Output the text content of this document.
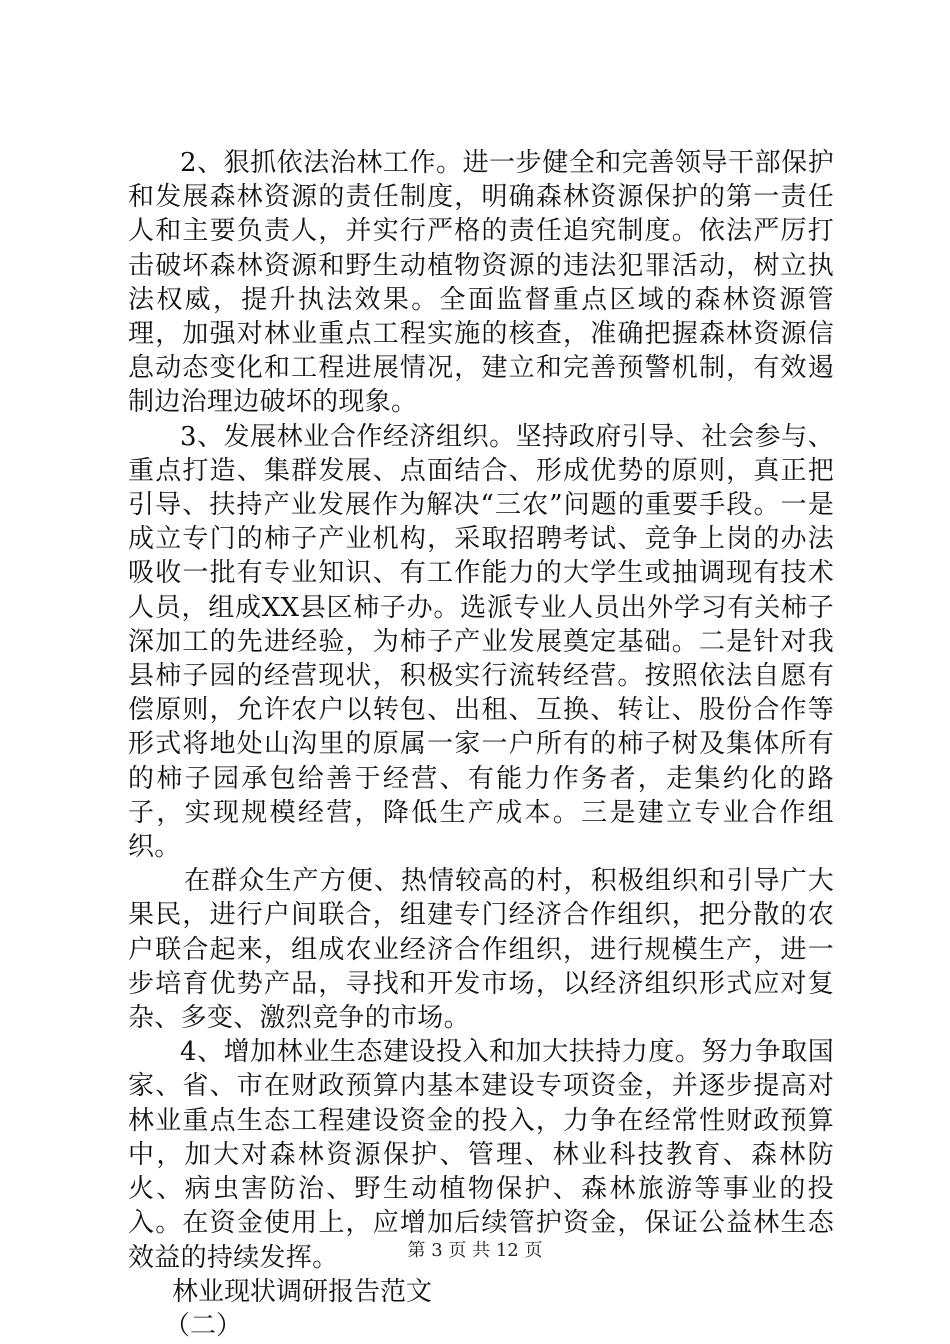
2、狠抓依法治林工作。进一步健全和完善领导干部保护和发展森林资源的责任制度，明确森林资源保护的第一责任人和主要负责人，并实行严格的责任追究制度。依法严厉打击破坏森林资源和野生动植物资源的违法犯罪活动，树立执法权威，提升执法效果。全面监督重点区域的森林资源管理，加强对林业重点工程实施的核查，准确把握森林资源信息动态变化和工程进展情况，建立和完善预警机制，有效遏制边治理边破坏的现象。

3、发展林业合作经济组织。坚持政府引导、社会参与、重点打造、集群发展、点面结合、形成优势的原则，真正把引导、扶持产业发展作为解决“三农”问题的重要手段。一是成立专门的柿子产业机构，采取招聘考试、竞争上岗的办法吸收一批有专业知识、有工作能力的大学生或抽调现有技术人员，组成XX县区柿子办。选派专业人员出外学习有关柿子深加工的先进经验，为柿子产业发展奠定基础。二是针对我县柿子园的经营现状，积极实行流转经营。按照依法自愿有偿原则，允许农户以转包、出租、互换、转让、股份合作等形式将地处山沟里的原属一家一户所有的柿子树及集体所有的柿子园承包给善于经营、有能力作务者，走集约化的路子，实现规模经营，降低生产成本。三是建立专业合作组织。

在群众生产方便、热情较高的村，积极组织和引导广大果民，进行户间联合，组建专门经济合作组织，把分散的农户联合起来，组成农业经济合作组织，进行规模生产，进一步培育优势产品，寻找和开发市场，以经济组织形式应对复杂、多变、激烈竞争的市场。

4、增加林业生态建设投入和加大扶持力度。努力争取国家、省、市在财政预算内基本建设专项资金，并逐步提高对林业重点生态工程建设资金的投入，力争在经常性财政预算中，加大对森林资源保护、管理、林业科技教育、森林防火、病虫害防治、野生动植物保护、森林旅游等事业的投入。在资金使用上，应增加后续管护资金，保证公益林生态效益的持续发挥。

林业现状调研报告范文

（二）

第 3 页 共 12 页
